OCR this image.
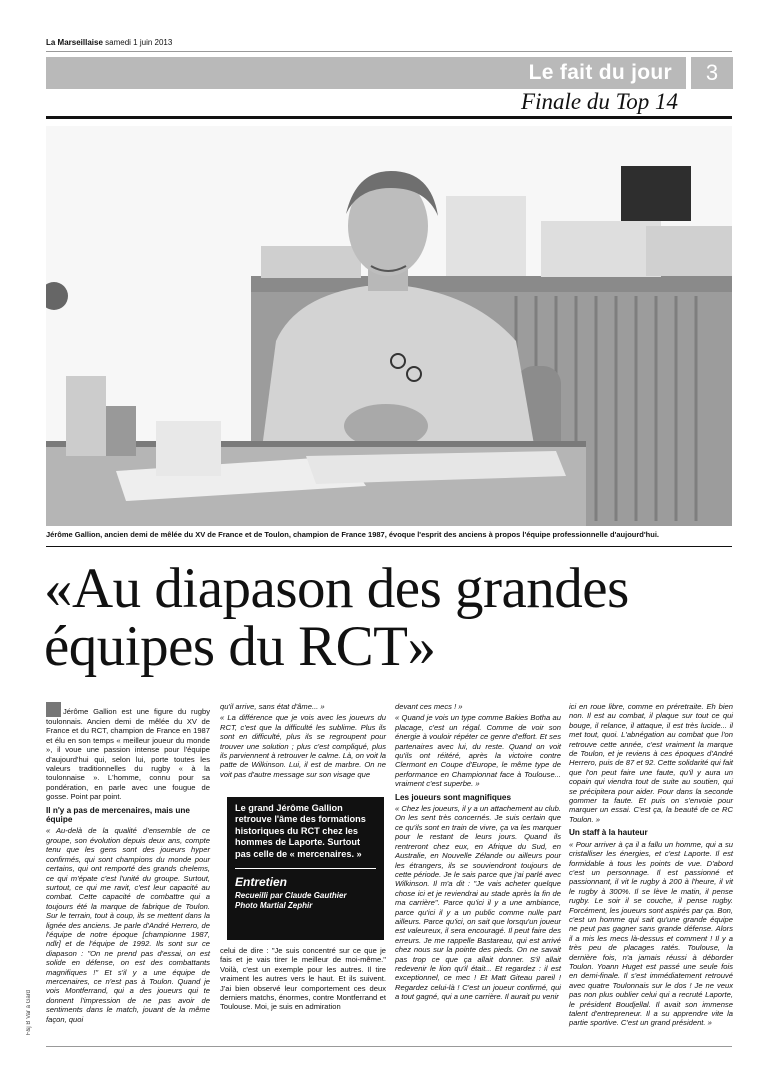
La Marseillaise samedi 1 juin 2013
Le fait du jour	3
Finale du Top 14
Jérôme Gallion, ancien demi de mêlée du XV de France et de Toulon, champion de France 1987, évoque l'esprit des anciens à propos l'équipe professionnelle d'aujourd'hui.
«Au diapason des grandes
équipes du RCT»
F&j B Var à Gard

Jérôme Gallion est une figure du rugby toulonnais. Ancien demi de mêlée du XV de France et du RCT, champion de France en 1987 et élu en son temps « meilleur joueur du monde », il voue une passion intense pour l'équipe d'aujourd'hui qui, selon lui, porte toutes les valeurs traditionnelles du rugby « à la toulonnaise ». L'homme, connu pour sa pondération, en parle avec une fougue de gosse. Point par point.

Il n'y a pas de mercenaires, mais une équipe

« Au-delà de la qualité d'ensemble de ce groupe, son évolution depuis deux ans, compte tenu que les gens sont des joueurs hyper confirmés, qui sont champions du monde pour certains, qui ont remporté des grands chelems, ce qui m'épate c'est l'unité du groupe. Surtout, surtout, ce qui me ravit, c'est leur capacité au combat. Cette capacité de combattre qui a toujours été la marque de fabrique de Toulon. Sur le terrain, tout à coup, ils se mettent dans la lignée des anciens. Je parle d'André Herrero, de l'équipe de notre époque [championne 1987, ndlr] et de l'équipe de 1992. Ils sont sur ce diapason : "On ne prend pas d'essai, on est solide en défense, on est des combattants magnifiques !" Et s'il y a une équipe de mercenaires, ce n'est pas à Toulon. Quand je vois Montferrand, qui a des joueurs qui te donnent l'impression de ne pas avoir de sentiments dans le match, jouant de la même façon, quoi

qu'il arrive, sans état d'âme... »

« La différence que je vois avec les joueurs du RCT, c'est que la difficulté les sublime. Plus ils sont en difficulté, plus ils se regroupent pour trouver une solution ; plus c'est compliqué, plus ils parviennent à retrouver le calme. Là, on voit la patte de Wilkinson. Lui, il est de marbre. On ne voit pas d'autre message sur son visage que

Le grand Jérôme Gallion retrouve l'âme des formations historiques du RCT chez les hommes de Laporte. Surtout pas celle de « mercenaires. »
Entretien
Recueilli par Claude Gauthier
Photo Martial Zephir

celui de dire : "Je suis concentré sur ce que je fais et je vais tirer le meilleur de moi-même." Voilà, c'est un exemple pour les autres. Il tire vraiment les autres vers le haut. Et ils suivent. J'ai bien observé leur comportement ces deux derniers matchs, énormes, contre Montferrand et Toulouse. Moi, je suis en admiration

devant ces mecs ! »

« Quand je vois un type comme Bakies Botha au placage, c'est un régal. Comme de voir son énergie à vouloir répéter ce genre d'effort. Et ses partenaires avec lui, du reste. Quand on voit qu'ils ont réitéré, après la victoire contre Clermont en Coupe d'Europe, le même type de performance en Championnat face à Toulouse... vraiment c'est superbe. »

Les joueurs sont magnifiques

« Chez les joueurs, il y a un attachement au club. On les sent très concernés. Je suis certain que ce qu'ils sont en train de vivre, ça va les marquer pour le restant de leurs jours. Quand ils rentreront chez eux, en Afrique du Sud, en Australie, en Nouvelle Zélande ou ailleurs pour les étrangers, ils se souviendront toujours de cette période. Je le sais parce que j'ai parlé avec Wilkinson. Il m'a dit : "Je vais acheter quelque chose ici et je reviendrai au stade après la fin de ma carrière". Parce qu'ici il y a une ambiance, parce qu'ici il y a un public comme nulle part ailleurs. Parce qu'ici, on sait que lorsqu'un joueur est valeureux, il sera encouragé. Il peut faire des erreurs. Je me rappelle Bastareau, qui est arrivé chez nous sur la pointe des pieds. On ne savait pas trop ce que ça allait donner. S'il allait redevenir le lion qu'il était... Et regardez : il est exceptionnel, ce mec ! Et Matt Giteau pareil ! Regardez celui-là ! C'est un joueur confirmé, qui a tout gagné, qui a une carrière. Il aurait pu venir

ici en roue libre, comme en préretraite. Eh bien non. Il est au combat, il plaque sur tout ce qui bouge, il relance, il attaque, il est très lucide... il met tout, quoi. L'abnégation au combat que l'on retrouve cette année, c'est vraiment la marque de Toulon, et je reviens à ces époques d'André Herrero, puis de 87 et 92. Cette solidarité qui fait que l'on peut faire une faute, qu'il y aura un copain qui viendra tout de suite au soutien, qui se précipitera pour aider. Pour dans la seconde gommer ta faute. Et puis on s'envoie pour marquer un essai. C'est ça, la beauté de ce RC Toulon. »

Un staff à la hauteur

« Pour arriver à ça il a fallu un homme, qui a su cristalliser les énergies, et c'est Laporte. Il est formidable à tous les points de vue. D'abord c'est un personnage. Il est passionné et passionnant, il vit le rugby à 200 à l'heure, il vit le rugby à 300%. Il se lève le matin, il pense rugby. Le soir il se couche, il pense rugby. Forcément, les joueurs sont aspirés par ça. Bon, c'est un homme qui sait qu'une grande équipe ne peut pas gagner sans grande défense. Alors il a mis les mecs là-dessus et comment ! Il y a très peu de placages ratés. Toulouse, la dernière fois, n'a jamais réussi à déborder Toulon. Yoann Huget est passé une seule fois en demi-finale. Il s'est immédiatement retrouvé avec quatre Toulonnais sur le dos ! Je ne veux pas non plus oublier celui qui a recruté Laporte, le président Boudjellal. Il avait son immense talent d'entrepreneur. Il a su apprendre vite la partie sportive. C'est un grand président. »
